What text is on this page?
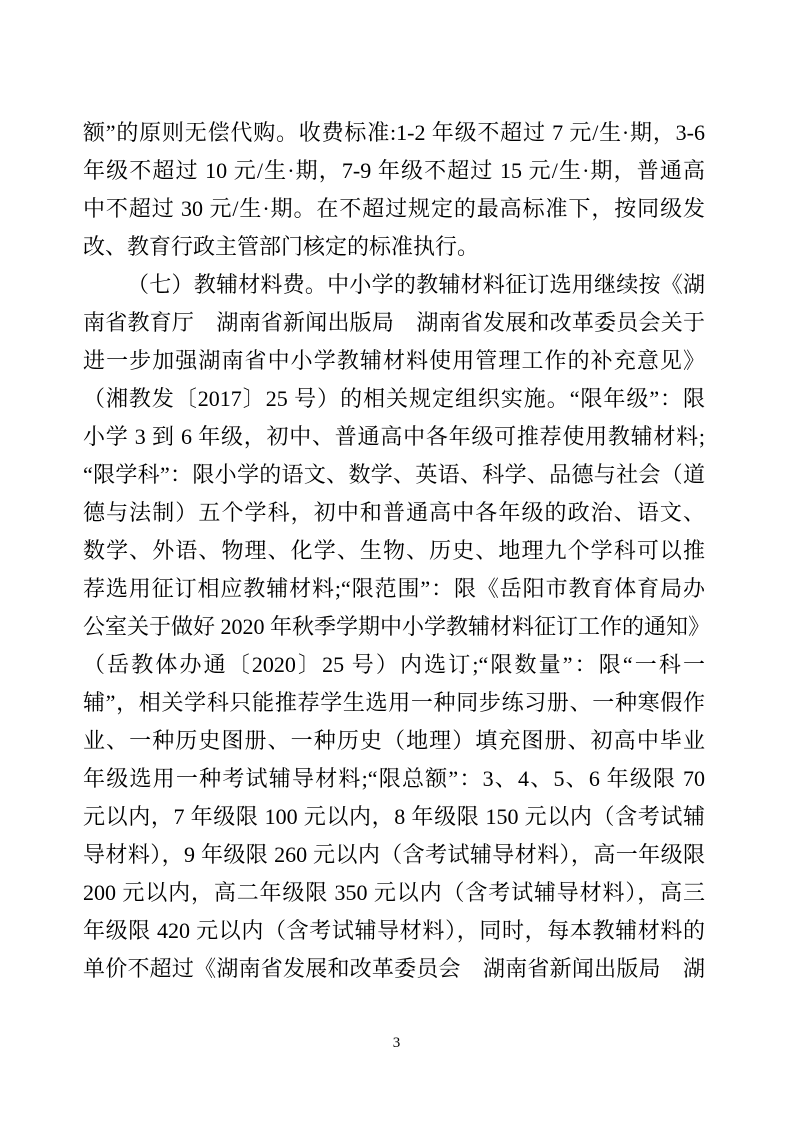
额”的原则无偿代购。收费标准:1-2 年级不超过 7 元/生·期，3-6
年级不超过 10 元/生·期，7-9 年级不超过 15 元/生·期，普通高
中不超过 30 元/生·期。在不超过规定的最高标准下，按同级发
改、教育行政主管部门核定的标准执行。
（七）教辅材料费。中小学的教辅材料征订选用继续按《湖
南省教育厅　湖南省新闻出版局　湖南省发展和改革委员会关于
进一步加强湖南省中小学教辅材料使用管理工作的补充意见》
（湘教发〔2017〕25 号）的相关规定组织实施。“限年级”：限
小学 3 到 6 年级，初中、普通高中各年级可推荐使用教辅材料;
“限学科”：限小学的语文、数学、英语、科学、品德与社会（道
德与法制）五个学科，初中和普通高中各年级的政治、语文、
数学、外语、物理、化学、生物、历史、地理九个学科可以推
荐选用征订相应教辅材料;“限范围”：限《岳阳市教育体育局办
公室关于做好 2020 年秋季学期中小学教辅材料征订工作的通知》
（岳教体办通〔2020〕25 号）内选订;“限数量”：限“一科一
辅”，相关学科只能推荐学生选用一种同步练习册、一种寒假作
业、一种历史图册、一种历史（地理）填充图册、初高中毕业
年级选用一种考试辅导材料;“限总额”：3、4、5、6 年级限 70
元以内，7 年级限 100 元以内，8 年级限 150 元以内（含考试辅
导材料），9 年级限 260 元以内（含考试辅导材料），高一年级限
200 元以内，高二年级限 350 元以内（含考试辅导材料），高三
年级限 420 元以内（含考试辅导材料），同时，每本教辅材料的
单价不超过《湖南省发展和改革委员会　湖南省新闻出版局　湖
3
